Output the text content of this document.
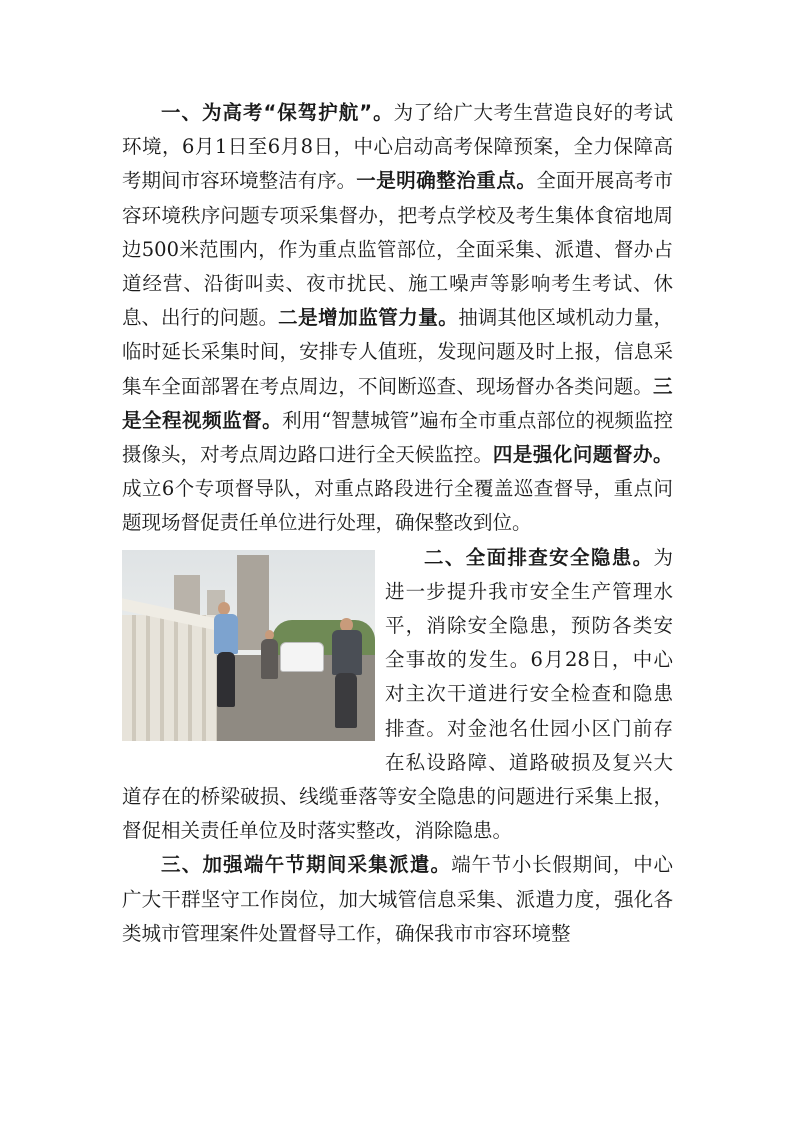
一、为高考“保驾护航”。为了给广大考生营造良好的考试环境，6月1日至6月8日，中心启动高考保障预案，全力保障高考期间市容环境整洁有序。一是明确整治重点。全面开展高考市容环境秩序问题专项采集督办，把考点学校及考生集体食宿地周边500米范围内，作为重点监管部位，全面采集、派遣、督办占道经营、沿街叫卖、夜市扰民、施工噪声等影响考生考试、休息、出行的问题。二是增加监管力量。抽调其他区域机动力量，临时延长采集时间，安排专人值班，发现问题及时上报，信息采集车全面部署在考点周边，不间断巡查、现场督办各类问题。三是全程视频监督。利用“智慧城管”遍布全市重点部位的视频监控摄像头，对考点周边路口进行全天候监控。四是强化问题督办。成立6个专项督导队，对重点路段进行全覆盖巡查督导，重点问题现场督促责任单位进行处理，确保整改到位。

二、全面排查安全隐患。
为进一步提升我市安全生产管理水平，消除安全隐患，预防各类安全事故的发生。6月28日，中心对主次干道进行安全检查和隐患排查。对金池名仕园小区门前存在私设路障、道路破损及复兴大道存在的桥梁破损、线缆垂落等安全隐患的问题进行采集上报，督促相关责任单位及时落实整改，消除隐患。

三、加强端午节期间采集派遣。端午节小长假期间，中心广大干群坚守工作岗位，加大城管信息采集、派遣力度，强化各类城市管理案件处置督导工作，确保我市市容环境整
